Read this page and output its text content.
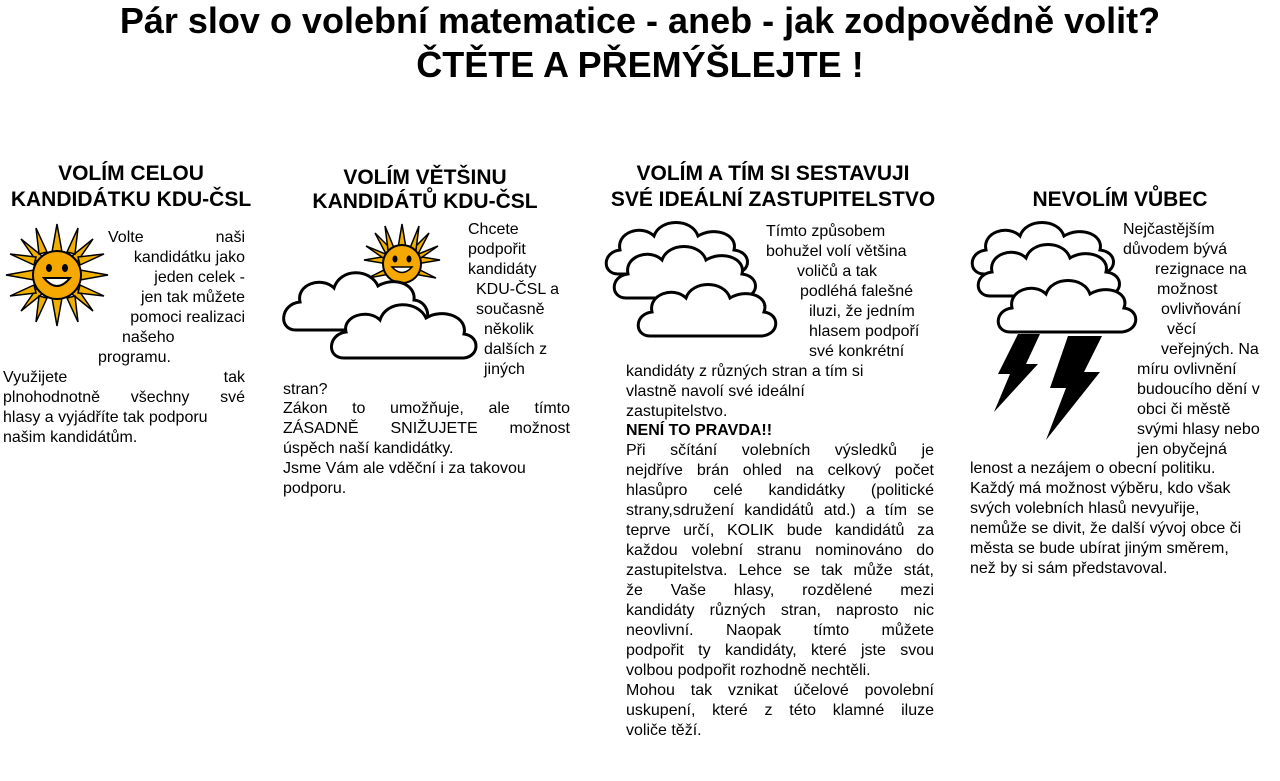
Pár slov o volební matematice - aneb - jak zodpovědně volit?
ČTĚTE A PŘEMÝŠLEJTE !
VOLÍM CELOU
KANDIDÁTKU KDU-ČSL
Volte naši
kandidátku jako
jeden celek -
jen tak můžete
pomoci realizaci
našeho
programu.
Využijete tak
plnohodnotně všechny své
hlasy a vyjádříte tak podporu
našim kandidátům.
VOLÍM VĚTŠINU
KANDIDÁTŮ KDU-ČSL
Chcete
podpořit
kandidáty
KDU-ČSL a
současně
několik
dalších z
jiných
stran?
Zákon to umožňuje, ale tímto
ZÁSADNĚ SNIŽUJETE možnost
úspěch naší kandidátky.
Jsme Vám ale vděční i za takovou
podporu.
VOLÍM A TÍM SI SESTAVUJI
SVÉ IDEÁLNÍ ZASTUPITELSTVO
Tímto způsobem
bohužel volí většina
voličů a tak
podléhá falešné
iluzi, že jedním
hlasem podpoří
své konkrétní
kandidáty z různých stran a tím si
vlastně navolí své ideální
zastupitelstvo.
NENÍ TO PRAVDA!!
Při sčítání volebních výsledků je
nejdříve brán ohled na celkový počet
hlasůpro celé kandidátky (politické
strany,sdružení kandidátů atd.) a tím se
teprve určí, KOLIK bude kandidátů za
každou volební stranu nominováno do
zastupitelstva. Lehce se tak může stát,
že Vaše hlasy, rozdělené mezi
kandidáty různých stran, naprosto nic
neovlivní. Naopak tímto můžete
podpořit ty kandidáty, které jste svou
volbou podpořit rozhodně nechtěli.
Mohou tak vznikat účelové povolební
uskupení, které z této klamné iluze
voliče těží.
NEVOLÍM VŮBEC
Nejčastějším
důvodem bývá
rezignace na
možnost
ovlivňování
věcí
veřejných. Na
míru ovlivnění
budoucího dění v
obci či městě
svými hlasy nebo
jen obyčejná
lenost a nezájem o obecní politiku.
Každý má možnost výběru, kdo však
svých volebních hlasů nevyuřije,
nemůže se divit, že další vývoj obce či
města se bude ubírat jiným směrem,
než by si sám představoval.
